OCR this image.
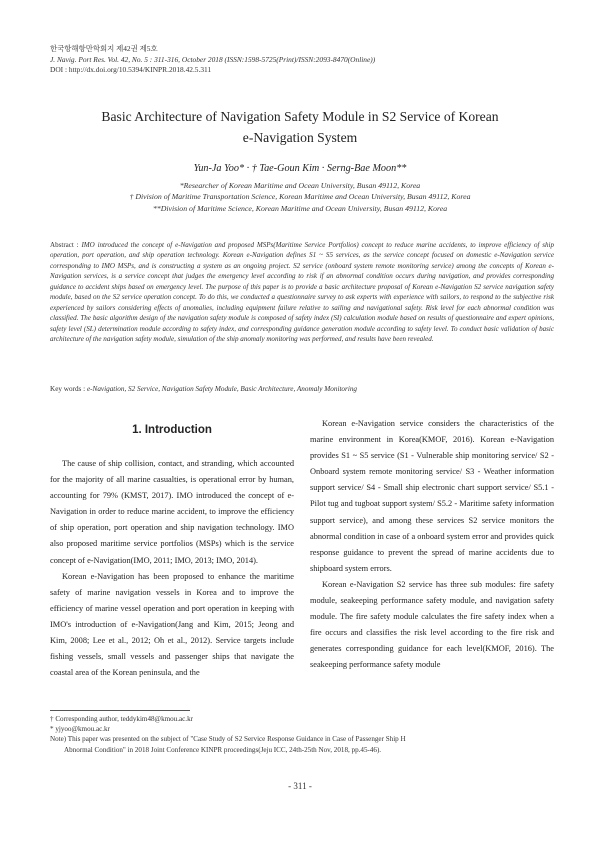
한국항해항만학회지 제42권 제5호
J. Navig. Port Res. Vol. 42, No. 5 : 311-316, October 2018 (ISSN:1598-5725(Print)/ISSN:2093-8470(Online))
DOI : http://dx.doi.org/10.5394/KINPR.2018.42.5.311
Basic Architecture of Navigation Safety Module in S2 Service of Korean
e-Navigation System
Yun-Ja Yoo* · † Tae-Goun Kim · Serng-Bae Moon**
*Researcher of Korean Maritime and Ocean University, Busan 49112, Korea
† Division of Maritime Transportation Science, Korean Maritime and Ocean University, Busan 49112, Korea
**Division of Maritime Science, Korean Maritime and Ocean University, Busan 49112, Korea
Abstract : IMO introduced the concept of e-Navigation and proposed MSPs(Maritime Service Portfolios) concept to reduce marine accidents, to improve efficiency of ship operation, port operation, and ship operation technology. Korean e-Navigation defines S1 ~ S5 services, as the service concept focused on domestic e-Navigation service corresponding to IMO MSPs, and is constructing a system as an ongoing project. S2 service (onboard system remote monitoring service) among the concepts of Korean e-Navigation services, is a service concept that judges the emergency level according to risk if an abnormal condition occurs during navigation, and provides corresponding guidance to accident ships based on emergency level. The purpose of this paper is to provide a basic architecture proposal of Korean e-Navigation S2 service navigation safety module, based on the S2 service operation concept. To do this, we conducted a questionnaire survey to ask experts with experience with sailors, to respond to the subjective risk experienced by sailors considering effects of anomalies, including equipment failure relative to sailing and navigational safety. Risk level for each abnormal condition was classified. The basic algorithm design of the navigation safety module is composed of safety index (SI) calculation module based on results of questionnaire and expert opinions, safety level (SL) determination module according to safety index, and corresponding guidance generation module according to safety level. To conduct basic validation of basic architecture of the navigation safety module, simulation of the ship anomaly monitoring was performed, and results have been revealed.
Key words : e-Navigation, S2 Service, Navigation Safety Module, Basic Architecture, Anomaly Monitoring
1. Introduction

The cause of ship collision, contact, and stranding, which accounted for the majority of all marine casualties, is operational error by human, accounting for 79% (KMST, 2017). IMO introduced the concept of e-Navigation in order to reduce marine accident, to improve the efficiency of ship operation, port operation and ship navigation technology. IMO also proposed maritime service portfolios (MSPs) which is the service concept of e-Navigation(IMO, 2011; IMO, 2013; IMO, 2014).

Korean e-Navigation has been proposed to enhance the maritime safety of marine navigation vessels in Korea and to improve the efficiency of marine vessel operation and port operation in keeping with IMO's introduction of e-Navigation(Jang and Kim, 2015; Jeong and Kim, 2008; Lee et al., 2012; Oh et al., 2012). Service targets include fishing vessels, small vessels and passenger ships that navigate the coastal area of the Korean peninsula, and the

Korean e-Navigation service considers the characteristics of the marine environment in Korea(KMOF, 2016). Korean e-Navigation provides S1 ~ S5 service (S1 - Vulnerable ship monitoring service/ S2 - Onboard system remote monitoring service/ S3 - Weather information support service/ S4 - Small ship electronic chart support service/ S5.1 - Pilot tug and tugboat support system/ S5.2 - Maritime safety information support service), and among these services S2 service monitors the abnormal condition in case of a onboard system error and provides quick response guidance to prevent the spread of marine accidents due to shipboard system errors.

Korean e-Navigation S2 service has three sub modules: fire safety module, seakeeping performance safety module, and navigation safety module. The fire safety module calculates the fire safety index when a fire occurs and classifies the risk level according to the fire risk and generates corresponding guidance for each level(KMOF, 2016). The seakeeping performance safety module

† Corresponding author, teddykim48@kmou.ac.kr
* yjyoo@kmou.ac.kr
Note) This paper was presented on the subject of "Case Study of S2 Service Response Guidance in Case of Passenger Ship H
Abnormal Condition" in 2018 Joint Conference KINPR proceedings(Jeju ICC, 24th-25th Nov, 2018, pp.45-46).
- 311 -
